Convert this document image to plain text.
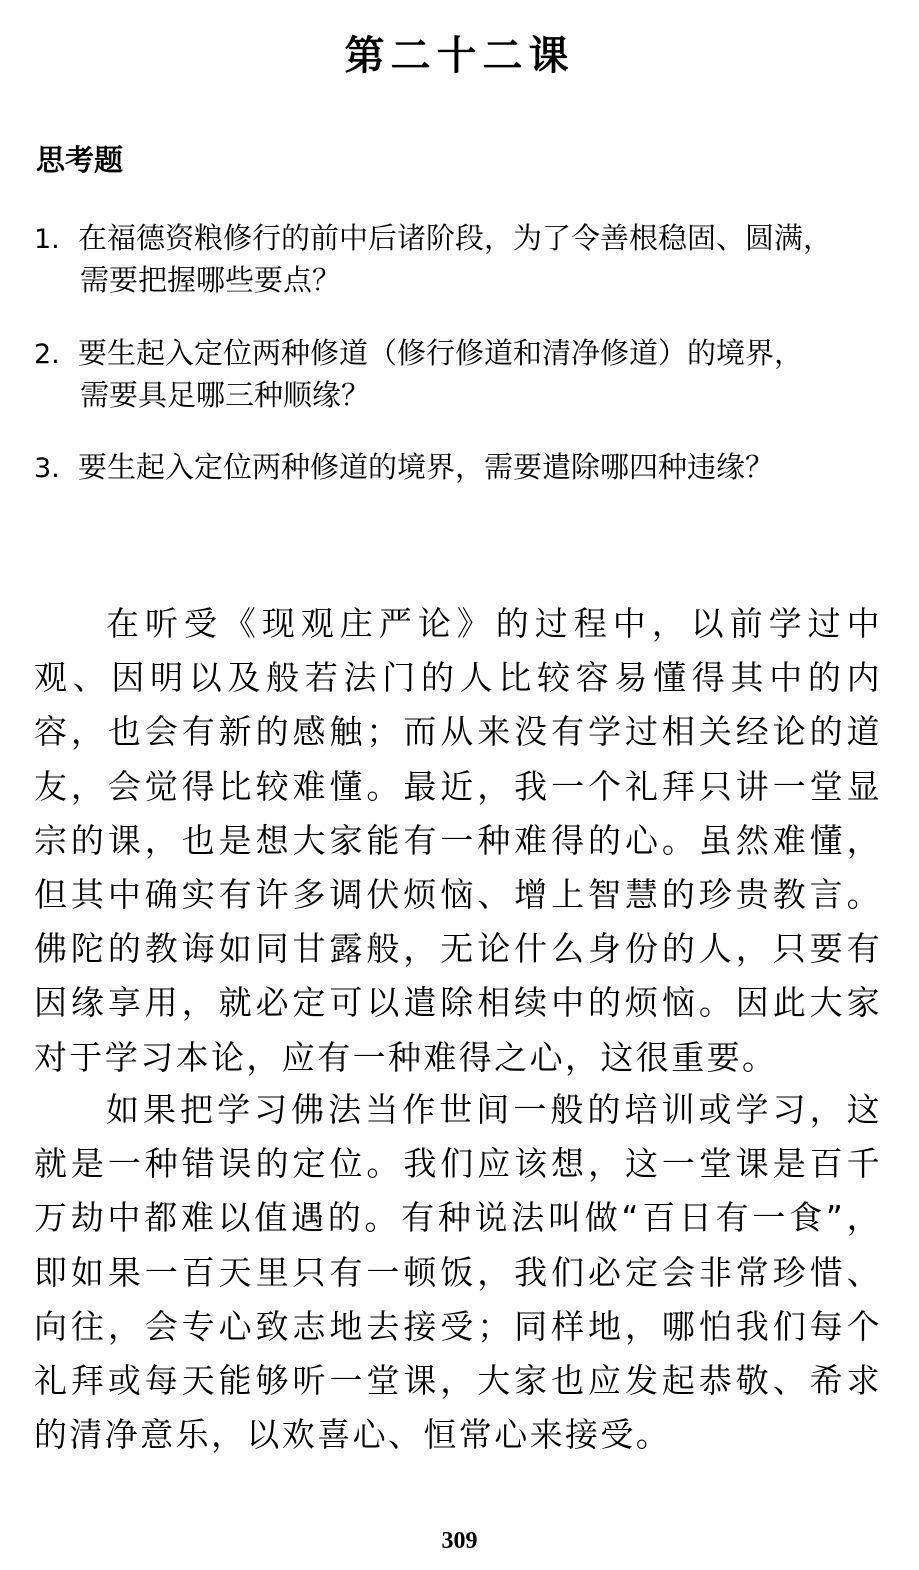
第二十二课
思考题
1. 在福德资粮修行的前中后诸阶段，为了令善根稳固、圆满，
需要把握哪些要点？
2. 要生起入定位两种修道（修行修道和清净修道）的境界，
需要具足哪三种顺缘？
3. 要生起入定位两种修道的境界，需要遣除哪四种违缘？

在听受《现观庄严论》的过程中，以前学过中观、因明以及般若法门的人比较容易懂得其中的内容，也会有新的感触；而从来没有学过相关经论的道友，会觉得比较难懂。最近，我一个礼拜只讲一堂显宗的课，也是想大家能有一种难得的心。虽然难懂，但其中确实有许多调伏烦恼、增上智慧的珍贵教言。佛陀的教诲如同甘露般，无论什么身份的人，只要有因缘享用，就必定可以遣除相续中的烦恼。因此大家对于学习本论，应有一种难得之心，这很重要。

如果把学习佛法当作世间一般的培训或学习，这就是一种错误的定位。我们应该想，这一堂课是百千万劫中都难以值遇的。有种说法叫做“百日有一食”，即如果一百天里只有一顿饭，我们必定会非常珍惜、向往，会专心致志地去接受；同样地，哪怕我们每个礼拜或每天能够听一堂课，大家也应发起恭敬、希求的清净意乐，以欢喜心、恒常心来接受。

309
